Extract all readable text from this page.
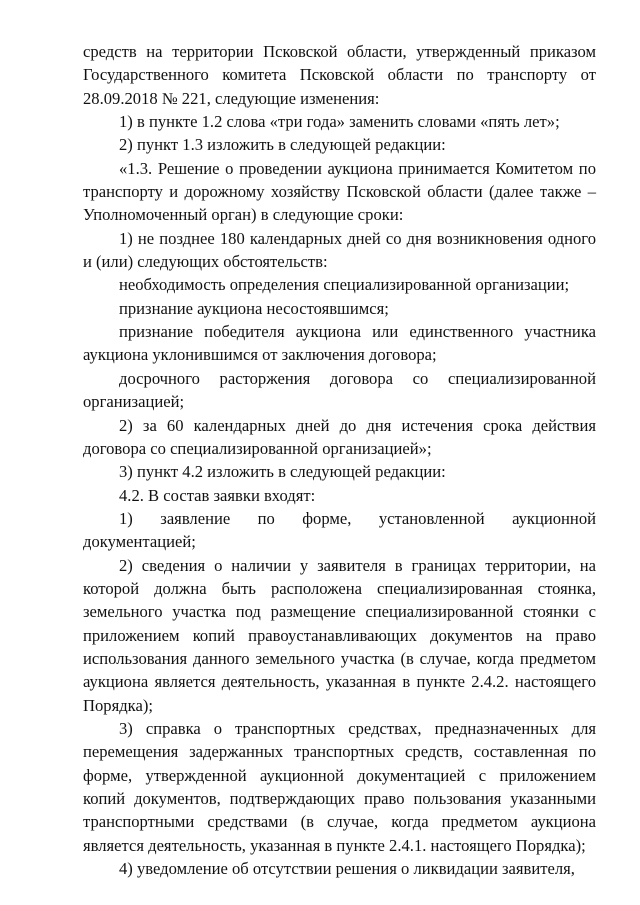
средств на территории Псковской области, утвержденный приказом Государственного комитета Псковской области по транспорту от 28.09.2018 № 221, следующие изменения:

1) в пункте 1.2 слова «три года» заменить словами «пять лет»;

2) пункт 1.3 изложить в следующей редакции:

«1.3. Решение о проведении аукциона принимается Комитетом по транспорту и дорожному хозяйству Псковской области (далее также – Уполномоченный орган) в следующие сроки:

1) не позднее 180 календарных дней со дня возникновения одного и (или) следующих обстоятельств:

необходимость определения специализированной организации;

признание аукциона несостоявшимся;

признание победителя аукциона или единственного участника аукциона уклонившимся от заключения договора;

досрочного расторжения договора со специализированной организацией;

2) за 60 календарных дней до дня истечения срока действия договора со специализированной организацией»;

3) пункт 4.2 изложить в следующей редакции:

4.2. В состав заявки входят:

1) заявление по форме, установленной аукционной документацией;

2) сведения о наличии у заявителя в границах территории, на которой должна быть расположена специализированная стоянка, земельного участка под размещение специализированной стоянки с приложением копий правоустанавливающих документов на право использования данного земельного участка (в случае, когда предметом аукциона является деятельность, указанная в пункте 2.4.2. настоящего Порядка);

3) справка о транспортных средствах, предназначенных для перемещения задержанных транспортных средств, составленная по форме, утвержденной аукционной документацией с приложением копий документов, подтверждающих право пользования указанными транспортными средствами (в случае, когда предметом аукциона является деятельность, указанная в пункте 2.4.1. настоящего Порядка);

4) уведомление об отсутствии решения о ликвидации заявителя,
